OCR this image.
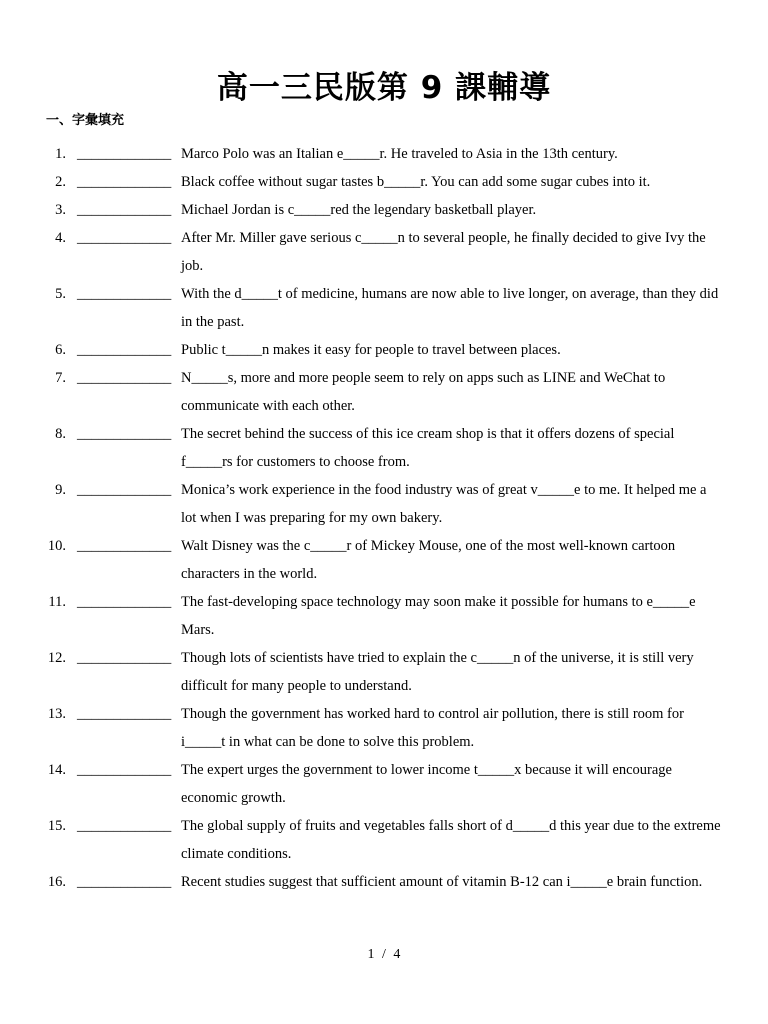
高一三民版第 9 課輔導
一、字彙填充
1. _____________ Marco Polo was an Italian e_____r. He traveled to Asia in the 13th century.
2. _____________ Black coffee without sugar tastes b_____r. You can add some sugar cubes into it.
3. _____________ Michael Jordan is c_____red the legendary basketball player.
4. _____________ After Mr. Miller gave serious c_____n to several people, he finally decided to give Ivy the job.
5. _____________ With the d_____t of medicine, humans are now able to live longer, on average, than they did in the past.
6. _____________ Public t_____n makes it easy for people to travel between places.
7. _____________ N_____s, more and more people seem to rely on apps such as LINE and WeChat to communicate with each other.
8. _____________ The secret behind the success of this ice cream shop is that it offers dozens of special f_____rs for customers to choose from.
9. _____________ Monica’s work experience in the food industry was of great v_____e to me. It helped me a lot when I was preparing for my own bakery.
10. _____________ Walt Disney was the c_____r of Mickey Mouse, one of the most well-known cartoon characters in the world.
11. _____________ The fast-developing space technology may soon make it possible for humans to e_____e Mars.
12. _____________ Though lots of scientists have tried to explain the c_____n of the universe, it is still very difficult for many people to understand.
13. _____________ Though the government has worked hard to control air pollution, there is still room for i_____t in what can be done to solve this problem.
14. _____________ The expert urges the government to lower income t_____x because it will encourage economic growth.
15. _____________ The global supply of fruits and vegetables falls short of d_____d this year due to the extreme climate conditions.
16. _____________ Recent studies suggest that sufficient amount of vitamin B-12 can i_____e brain function.
1 / 4
